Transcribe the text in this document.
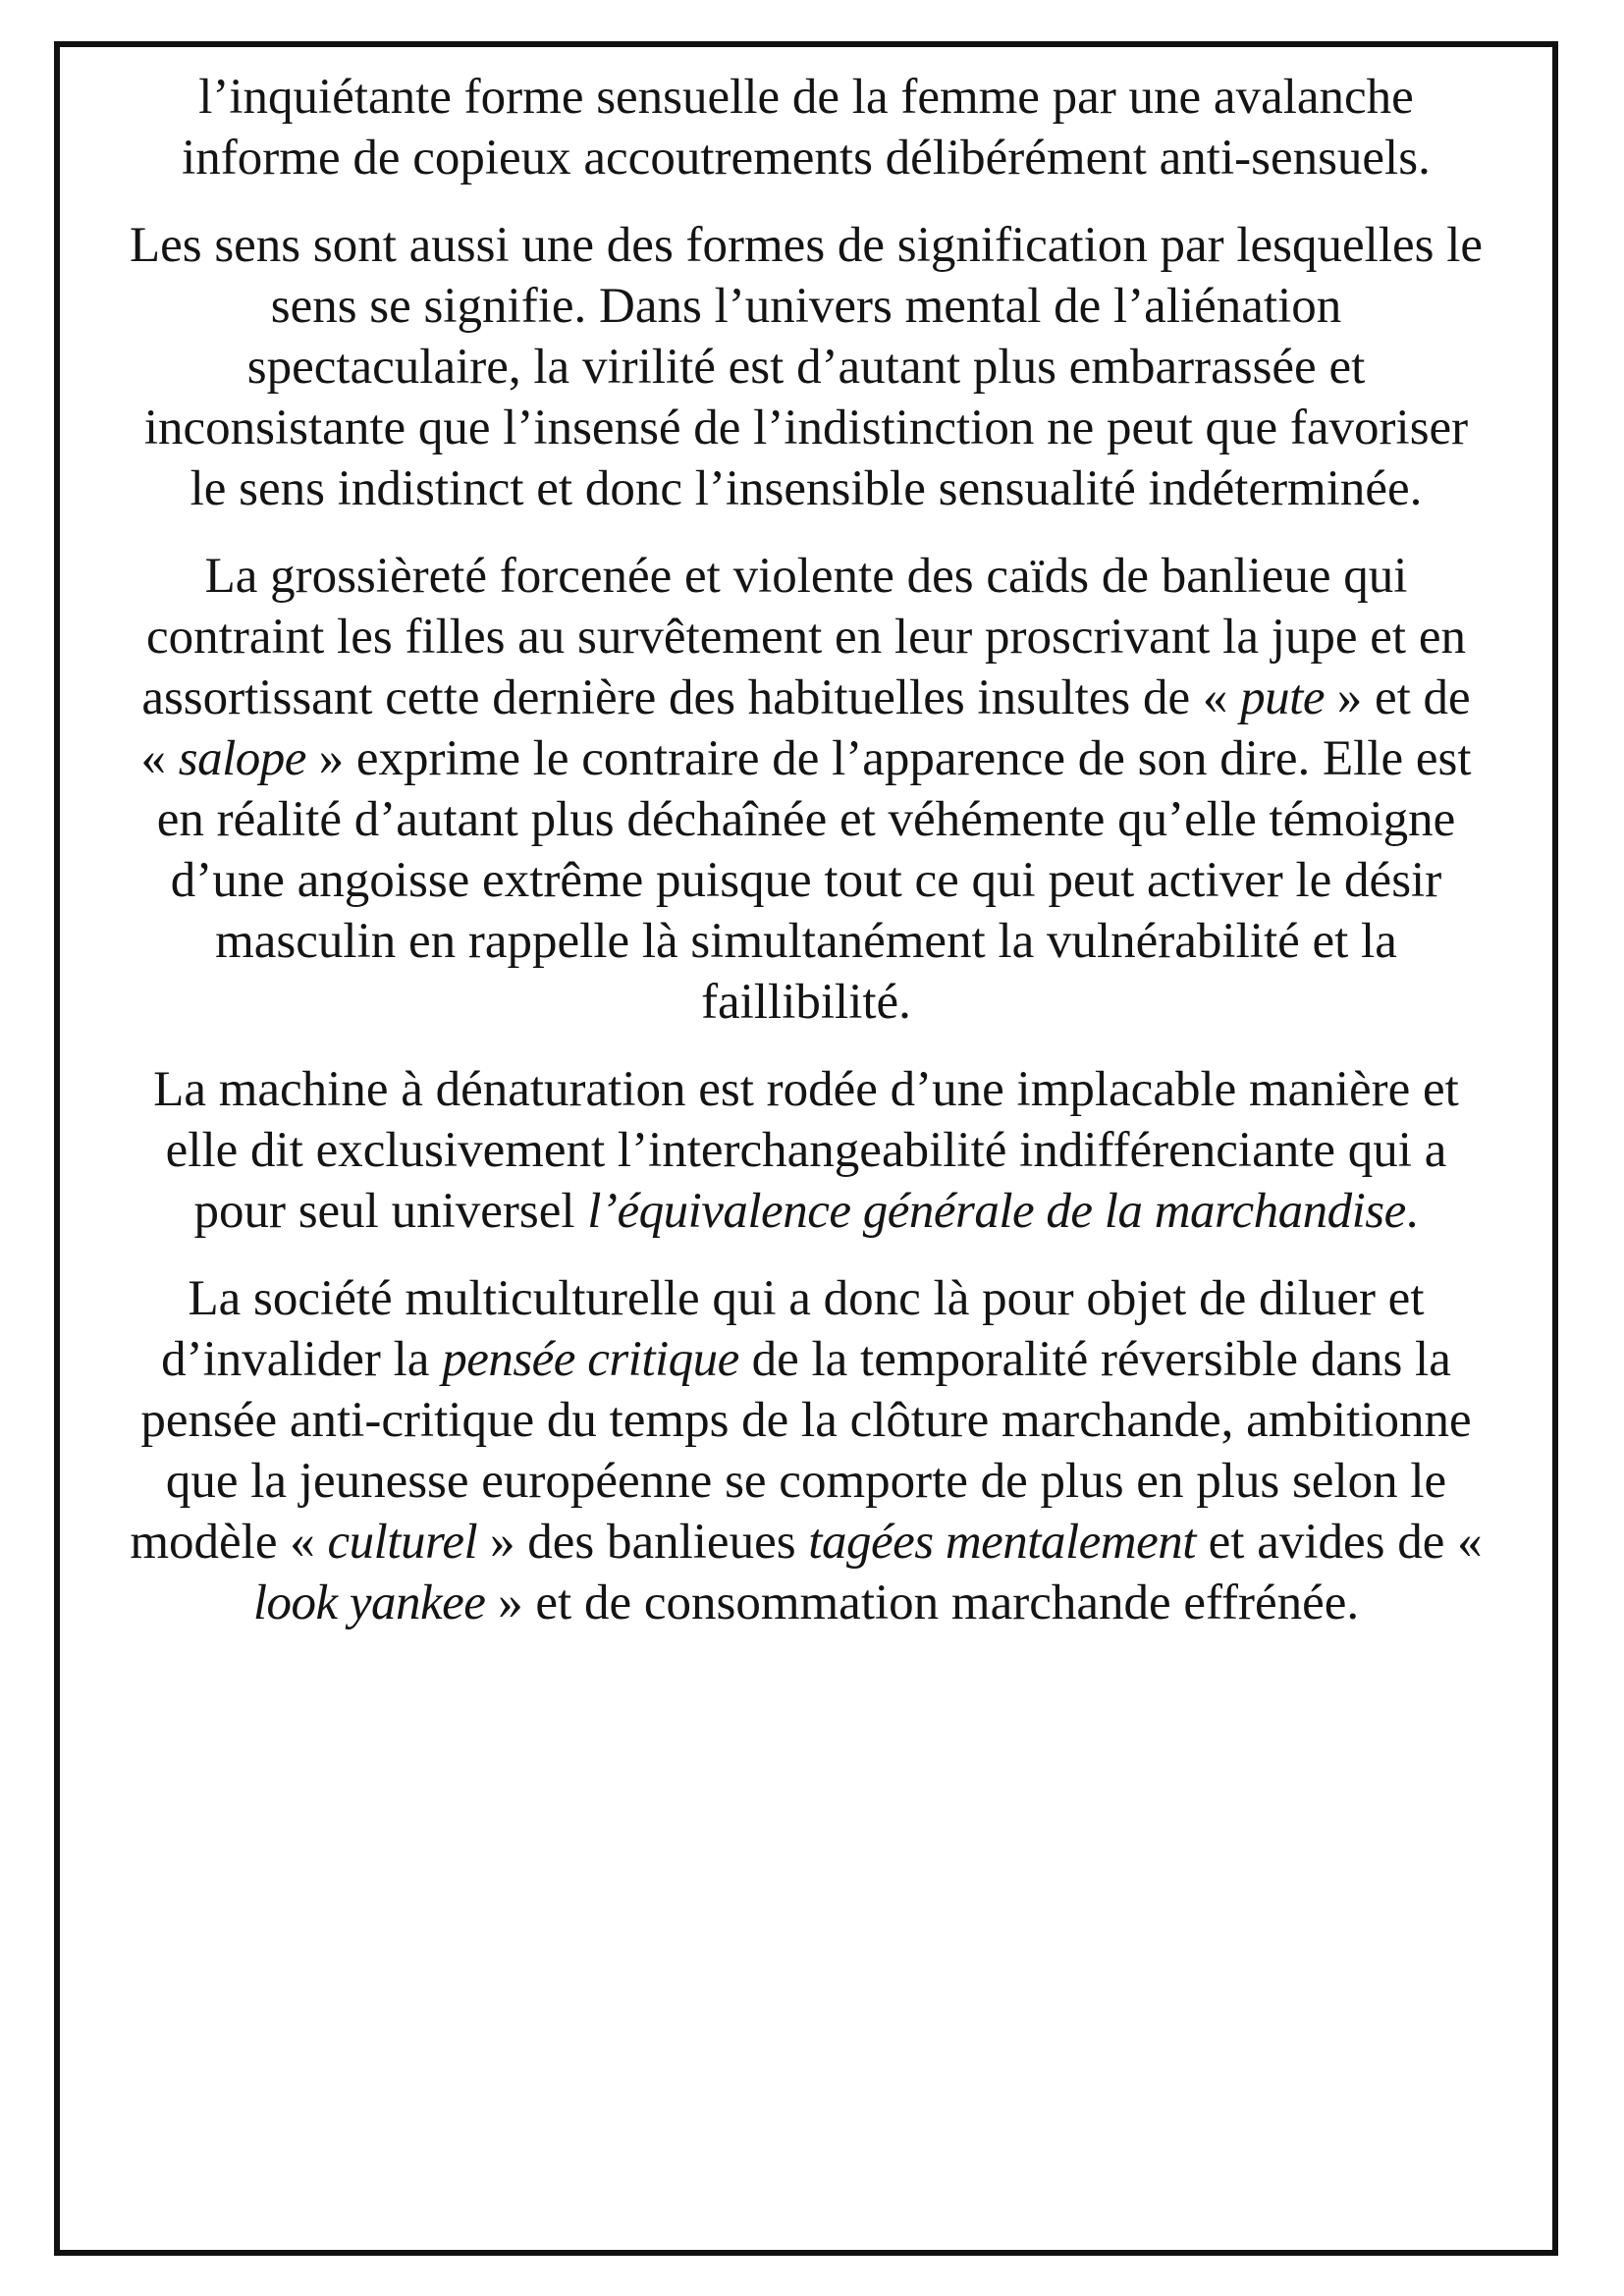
l’inquiétante forme sensuelle de la femme par une avalanche informe de copieux accoutrements délibérément anti-sensuels.

Les sens sont aussi une des formes de signification par lesquelles le sens se signifie. Dans l’univers mental de l’aliénation spectaculaire, la virilité est d’autant plus embarrassée et inconsistante que l’insensé de l’indistinction ne peut que favoriser le sens indistinct et donc l’insensible sensualité indéterminée.

La grossièreté forcenée et violente des caïds de banlieue qui contraint les filles au survêtement en leur proscrivant la jupe et en assortissant cette dernière des habituelles insultes de « pute » et de « salope » exprime le contraire de l’apparence de son dire. Elle est en réalité d’autant plus déchaînée et véhémente qu’elle témoigne d’une angoisse extrême puisque tout ce qui peut activer le désir masculin en rappelle là simultanément la vulnérabilité et la faillibilité.

La machine à dénaturation est rodée d’une implacable manière et elle dit exclusivement l’interchangeabilité indifférenciante qui a pour seul universel l’équivalence générale de la marchandise.

La société multiculturelle qui a donc là pour objet de diluer et d’invalider la pensée critique de la temporalité réversible dans la pensée anti-critique du temps de la clôture marchande, ambitionne que la jeunesse européenne se comporte de plus en plus selon le modèle « culturel » des banlieues tagées mentalement et avides de « look yankee » et de consommation marchande effrénée.
